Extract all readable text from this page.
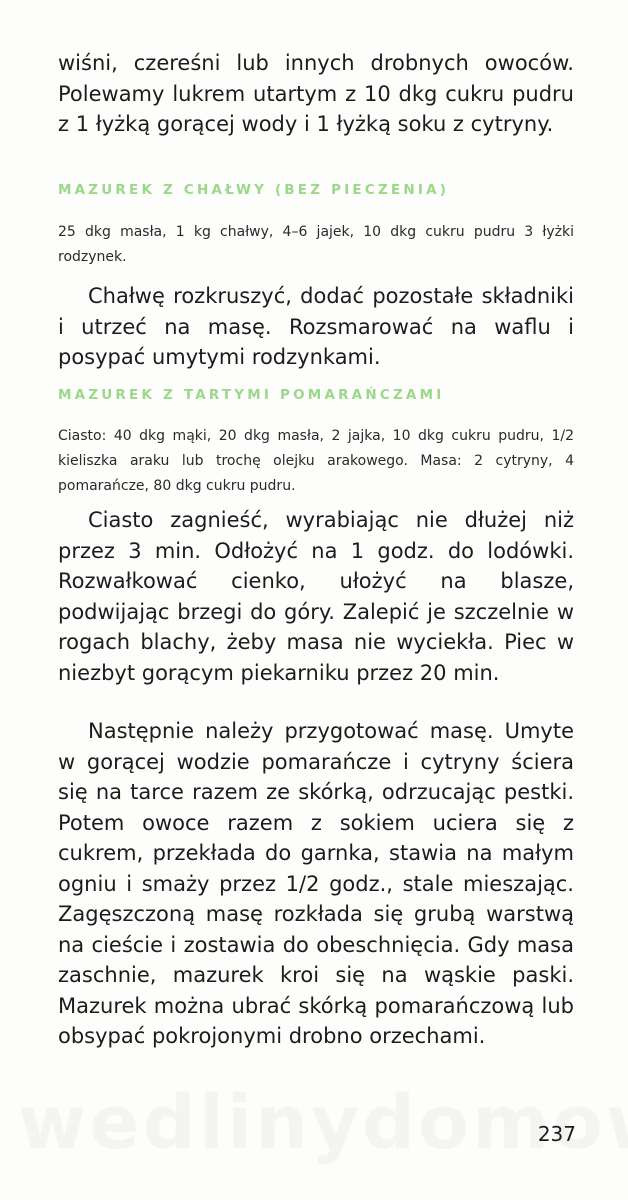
wiśni, czereśni lub innych drobnych owoców. Polewamy lukrem utartym z 10 dkg cukru pudru z 1 łyżką gorącej wody i 1 łyżką soku z cytryny.

MAZUREK Z CHAŁWY (BEZ PIECZENIA)

25 dkg masła, 1 kg chałwy, 4–6 jajek, 10 dkg cukru pudru 3 łyżki rodzynek.

Chałwę rozkruszyć, dodać pozostałe składniki i utrzeć na masę. Rozsmarować na waflu i posypać umytymi rodzynkami.

MAZUREK Z TARTYMI POMARAŃCZAMI

Ciasto: 40 dkg mąki, 20 dkg masła, 2 jajka, 10 dkg cukru pudru, 1/2 kieliszka araku lub trochę olejku arakowego. Masa: 2 cytryny, 4 pomarańcze, 80 dkg cukru pudru.

Ciasto zagnieść, wyrabiając nie dłużej niż przez 3 min. Odłożyć na 1 godz. do lodówki. Rozwałkować cienko, ułożyć na blasze, podwijając brzegi do góry. Zalepić je szczelnie w rogach blachy, żeby masa nie wyciekła. Piec w niezbyt gorącym piekarniku przez 20 min.

Następnie należy przygotować masę. Umyte w gorącej wodzie pomarańcze i cytryny ściera się na tarce razem ze skórką, odrzucając pestki. Potem owoce razem z sokiem uciera się z cukrem, przekłada do garnka, stawia na małym ogniu i smaży przez 1/2 godz., stale mieszając. Zagęszczoną masę rozkłada się grubą warstwą na cieście i zostawia do obeschnięcia. Gdy masa zaschnie, mazurek kroi się na wąskie paski. Mazurek można ubrać skórką pomarańczową lub obsypać pokrojonymi drobno orzechami.

237
